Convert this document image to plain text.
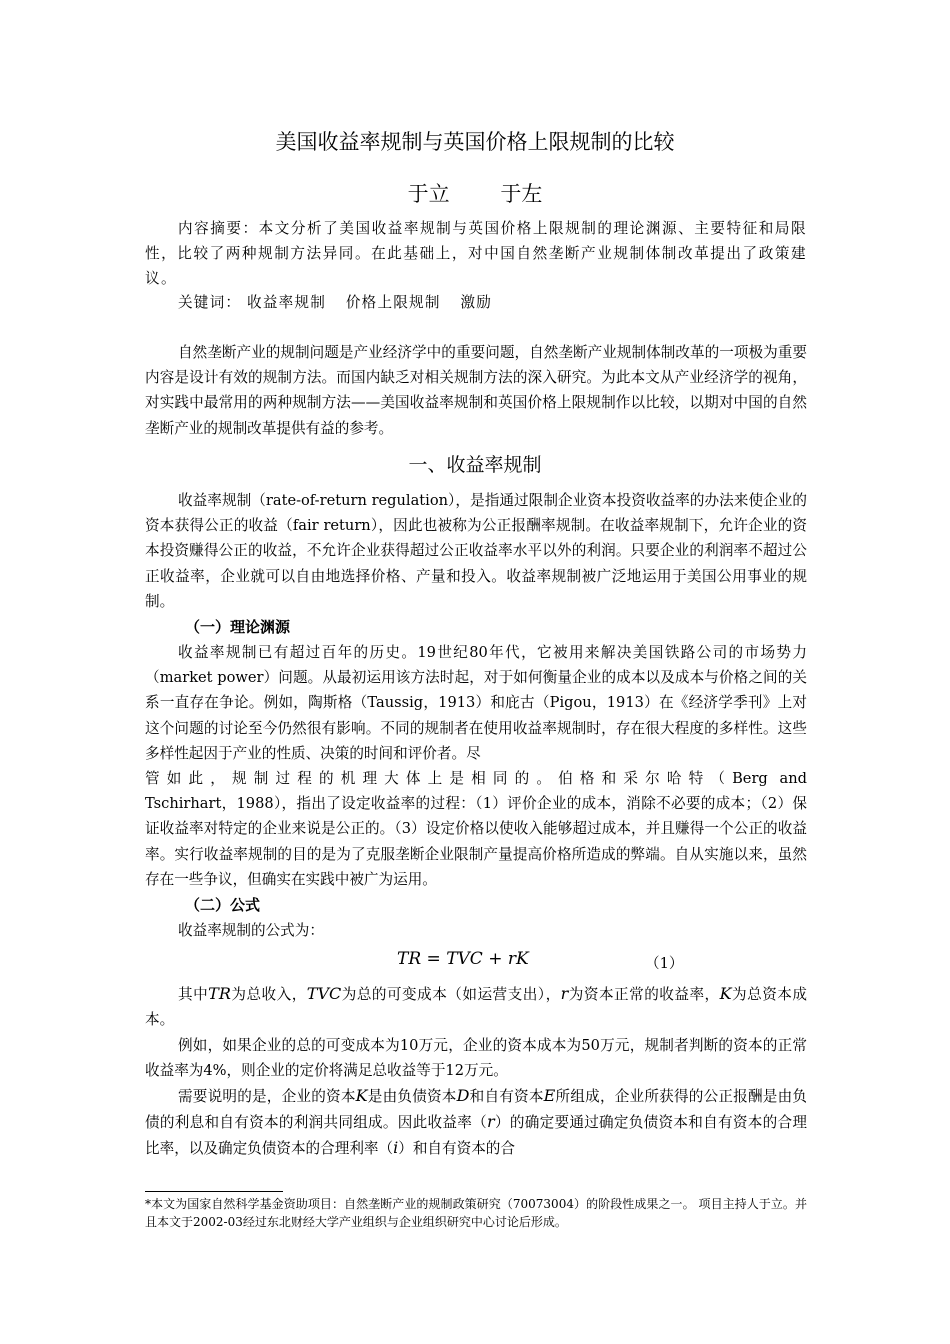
美国收益率规制与英国价格上限规制的比较
于立 于左
内容摘要：本文分析了美国收益率规制与英国价格上限规制的理论渊源、主要特征和局限性，比较了两种规制方法异同。在此基础上，对中国自然垄断产业规制体制改革提出了政策建议。
关键词： 收益率规制 价格上限规制 激励
自然垄断产业的规制问题是产业经济学中的重要问题，自然垄断产业规制体制改革的一项极为重要内容是设计有效的规制方法。而国内缺乏对相关规制方法的深入研究。为此本文从产业经济学的视角，对实践中最常用的两种规制方法——美国收益率规制和英国价格上限规制作以比较，以期对中国的自然垄断产业的规制改革提供有益的参考。
一、收益率规制
收益率规制（rate-of-return regulation），是指通过限制企业资本投资收益率的办法来使企业的资本获得公正的收益（fair return），因此也被称为公正报酬率规制。在收益率规制下，允许企业的资本投资赚得公正的收益，不允许企业获得超过公正收益率水平以外的利润。只要企业的利润率不超过公正收益率，企业就可以自由地选择价格、产量和投入。收益率规制被广泛地运用于美国公用事业的规制。
（一）理论渊源
收益率规制已有超过百年的历史。19世纪80年代，它被用来解决美国铁路公司的市场势力（market power）问题。从最初运用该方法时起，对于如何衡量企业的成本以及成本与价格之间的关系一直存在争论。例如，陶斯格（Taussig，1913）和庇古（Pigou，1913）在《经济学季刊》上对这个问题的讨论至今仍然很有影响。不同的规制者在使用收益率规制时，存在很大程度的多样性。这些多样性起因于产业的性质、决策的时间和评价者。尽
管如此，规制过程的机理大体上是相同的。伯格和采尔哈特（Berg and
Tschirhart，1988），指出了设定收益率的过程：（1）评价企业的成本，消除不必要的成本；（2）保证收益率对特定的企业来说是公正的。（3）设定价格以使收入能够超过成本，并且赚得一个公正的收益率。实行收益率规制的目的是为了克服垄断企业限制产量提高价格所造成的弊端。自从实施以来，虽然存在一些争议，但确实在实践中被广为运用。
（二）公式
收益率规制的公式为：
TR = TVC + rK	（1）
其中TR为总收入，TVC为总的可变成本（如运营支出），r为资本正常的收益率，K为总资本成本。
例如，如果企业的总的可变成本为10万元，企业的资本成本为50万元，规制者判断的资本的正常收益率为4%，则企业的定价将满足总收益等于12万元。
需要说明的是，企业的资本K是由负债资本D和自有资本E所组成，企业所获得的公正报酬是由负债的利息和自有资本的利润共同组成。因此收益率（r）的确定要通过确定负债资本和自有资本的合理比率，以及确定负债资本的合理利率（i）和自有资本的合
*本文为国家自然科学基金资助项目：自然垄断产业的规制政策研究（70073004）的阶段性成果之一。 项目主持人于立。并且本文于2002-03经过东北财经大学产业组织与企业组织研究中心讨论后形成。
